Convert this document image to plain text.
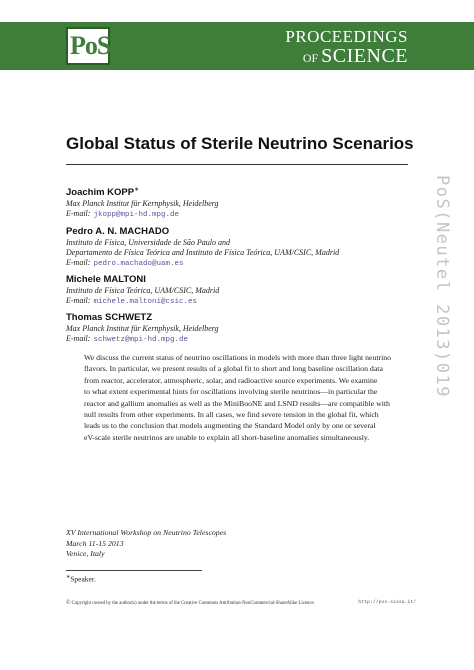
PoS	PROCEEDINGS
OF SCIENCE
Global Status of Sterile Neutrino Scenarios
Joachim KOPP∗
Max Planck Institut für Kernphysik, Heidelberg
E-mail: jkopp@mpi-hd.mpg.de
Pedro A. N. MACHADO
Instituto de Física, Universidade de São Paulo and
Departamento de Física Teórica and Instituto de Física Teórica, UAM/CSIC, Madrid
E-mail: pedro.machado@uam.es
Michele MALTONI
Instituto de Física Teórica, UAM/CSIC, Madrid
E-mail: michele.maltoni@csic.es
Thomas SCHWETZ
Max Planck Institut für Kernphysik, Heidelberg
E-mail: schwetz@mpi-hd.mpg.de

We discuss the current status of neutrino oscillations in models with more than three light neutrino

flavors. In particular, we present results of a global fit to short and long baseline oscillation data

from reactor, accelerator, atmospheric, solar, and radioactive source experiments. We examine

to what extent experimental hints for oscillations involving sterile neutrinos—in particular the

reactor and gallium anomalies as well as the MiniBooNE and LSND results—are compatible with

null results from other experiments. In all cases, we find severe tension in the global fit, which

leads us to the conclusion that models augmenting the Standard Model only by one or several

eV-scale sterile neutrinos are unable to explain all short-baseline anomalies simultaneously.

XV International Workshop on Neutrino Telescopes
March 11-15 2013
Venice, Italy
∗Speaker.
©Copyright owned by the author(s) under the terms of the Creative Commons Attribution-NonCommercial-ShareAlike Licence.	http://pos.sissa.it/
PoS(Neutel 2013)019
